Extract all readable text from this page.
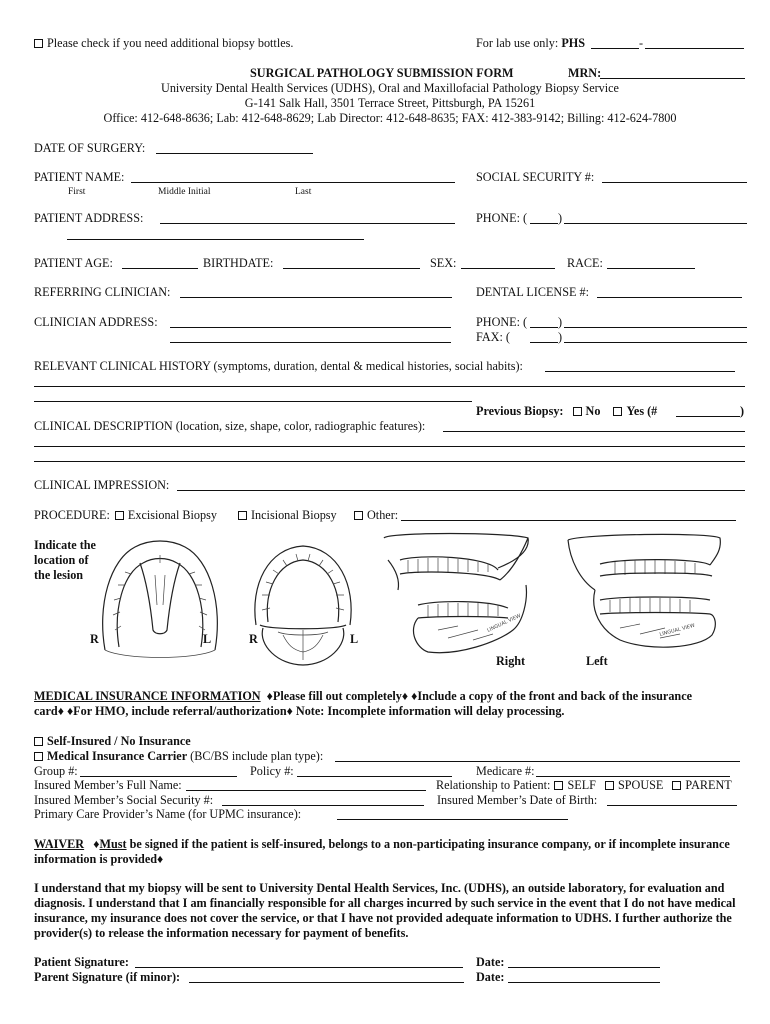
Please check if you need additional biopsy bottles.	For lab use only: PHS	-
SURGICAL PATHOLOGY SUBMISSION FORM	MRN:
University Dental Health Services (UDHS), Oral and Maxillofacial Pathology Biopsy Service
G-141 Salk Hall, 3501 Terrace Street, Pittsburgh, PA 15261
Office: 412-648-8636; Lab: 412-648-8629; Lab Director: 412-648-8635; FAX: 412-383-9142; Billing: 412-624-7800
DATE OF SURGERY:
PATIENT NAME:
First	Middle Initial	Last
SOCIAL SECURITY #:
PATIENT ADDRESS:	PHONE: (	)
PATIENT AGE:	BIRTHDATE:	SEX:	RACE:
REFERRING CLINICIAN:	DENTAL LICENSE #:
CLINICIAN ADDRESS:	PHONE: (	)
FAX: (	)
RELEVANT CLINICAL HISTORY (symptoms, duration, dental & medical histories, social habits):
Previous Biopsy: No Yes (#	)
CLINICAL DESCRIPTION (location, size, shape, color, radiographic features):
CLINICAL IMPRESSION:
PROCEDURE: Excisional Biopsy	Incisional Biopsy	Other:
Indicate the
location of
the lesion
R	L	R	L
LINGUAL VIEW
Right
LINGUAL VIEW
Left
MEDICAL INSURANCE INFORMATION ♦Please fill out completely♦ ♦Include a copy of the front and back of the insurance
card♦ ♦For HMO, include referral/authorization♦ Note: Incomplete information will delay processing.
Self-Insured / No Insurance
Medical Insurance Carrier (BC/BS include plan type):
Group #:	Policy #:	Medicare #:
Insured Member’s Full Name:	Relationship to Patient: SELF SPOUSE PARENT
Insured Member’s Social Security #:	Insured Member’s Date of Birth:
Primary Care Provider’s Name (for UPMC insurance):
WAIVER ♦Must be signed if the patient is self-insured, belongs to a non-participating insurance company, or if incomplete insurance information is provided♦
I understand that my biopsy will be sent to University Dental Health Services, Inc. (UDHS), an outside laboratory, for evaluation and diagnosis. I understand that I am financially responsible for all charges incurred by such service in the event that I do not have medical insurance, my insurance does not cover the service, or that I have not provided adequate information to UDHS. I further authorize the provider(s) to release the information necessary for payment of benefits.
Patient Signature:	Date:
Parent Signature (if minor):	Date:
